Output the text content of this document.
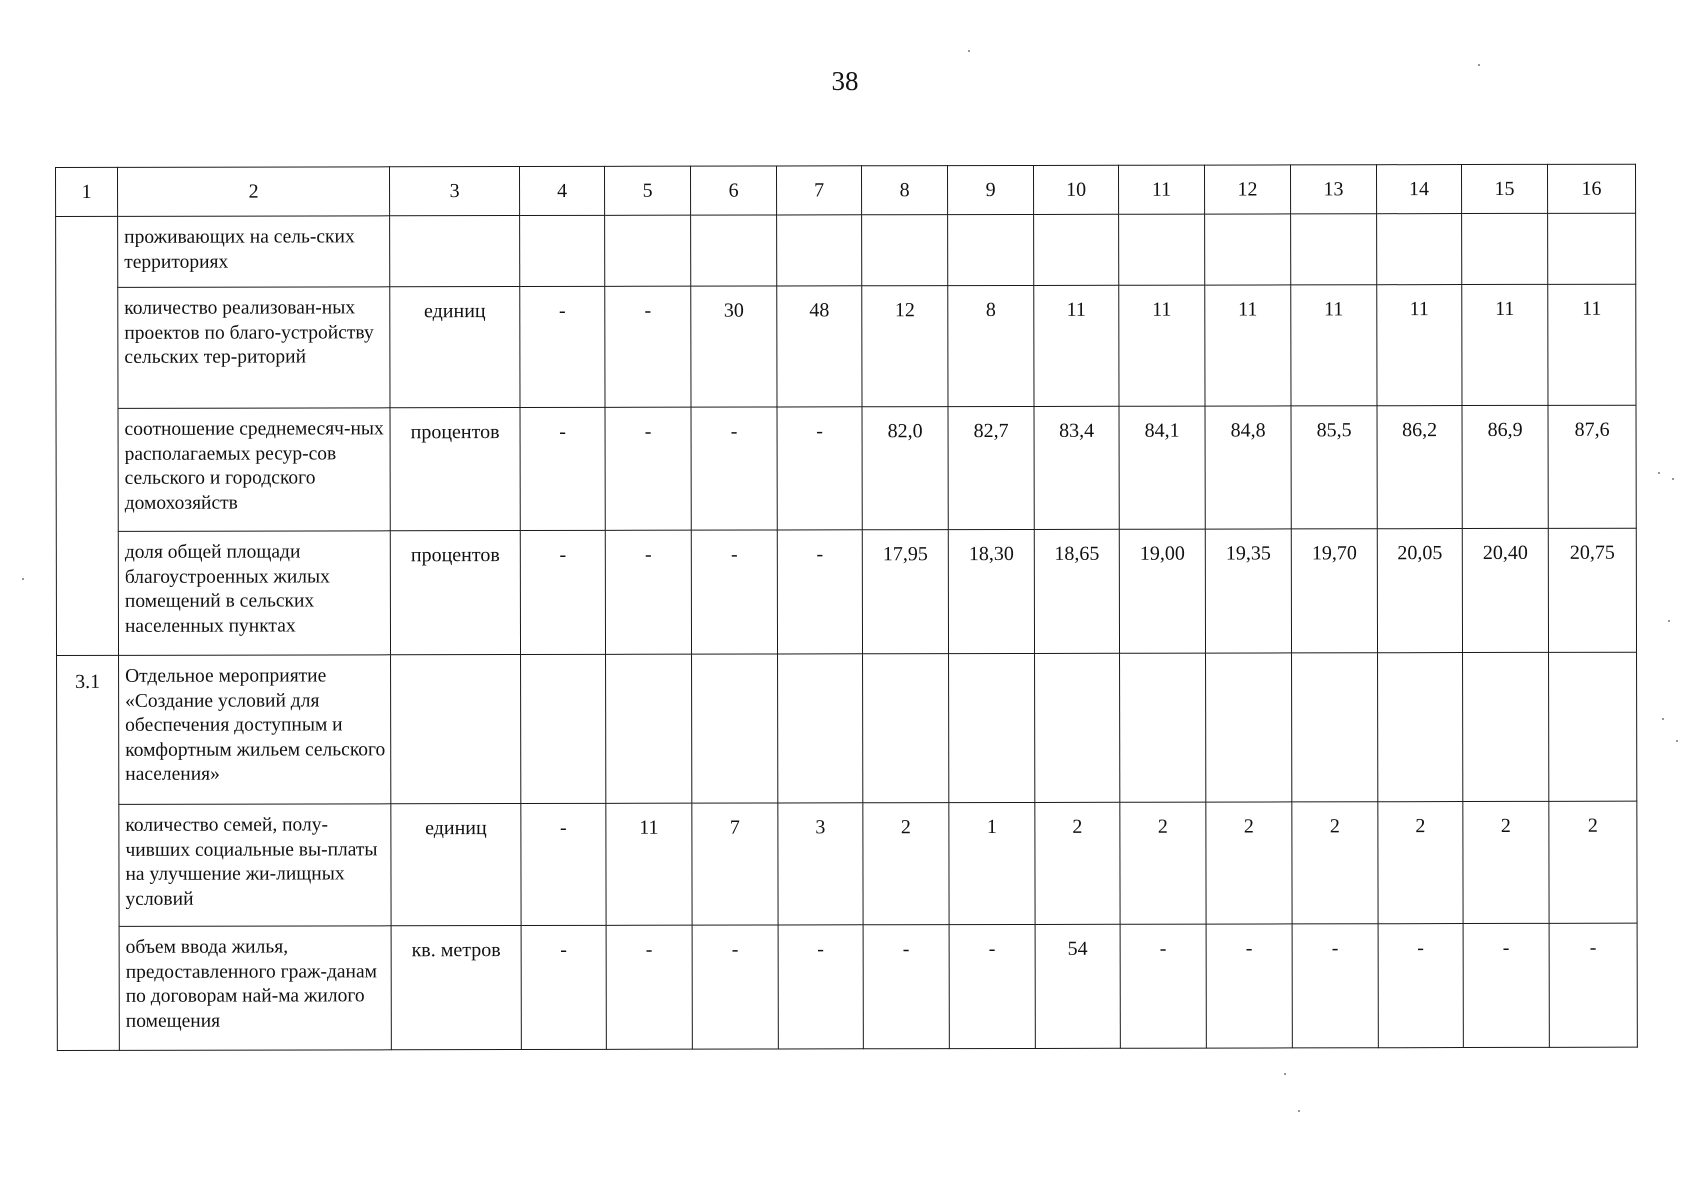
38
1	2	3	4	5	6	7	8	9	10	11	12	13	14	15	16
	проживающих на сель-ских территориях														
	количество реализован-ных проектов по благо-устройству сельских тер-риторий	единиц	-	-	30	48	12	8	11	11	11	11	11	11	11
	соотношение среднемесяч-ных располагаемых ресур-сов сельского и городского домохозяйств	процентов	-	-	-	-	82,0	82,7	83,4	84,1	84,8	85,5	86,2	86,9	87,6
	доля общей площади благоустроенных жилых помещений в сельских населенных пунктах	процентов	-	-	-	-	17,95	18,30	18,65	19,00	19,35	19,70	20,05	20,40	20,75
3.1	Отдельное мероприятие «Создание условий для обеспечения доступным и комфортным жильем сельского населения»														
	количество семей, полу-чивших социальные вы-платы на улучшение жи-лищных условий	единиц	-	11	7	3	2	1	2	2	2	2	2	2	2
	объем ввода жилья, предоставленного граж-данам по договорам най-ма жилого помещения	кв. метров	-	-	-	-	-	-	54	-	-	-	-	-	-
